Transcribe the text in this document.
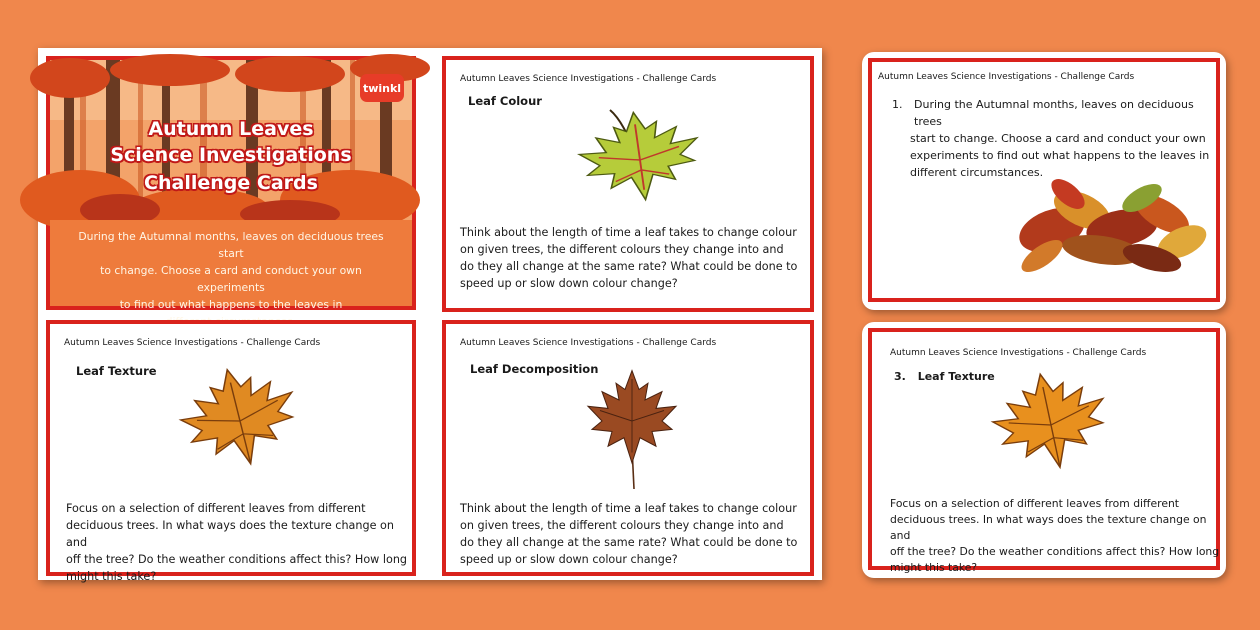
twinkl
Autumn Leaves
Science Investigations
Challenge Cards
During the Autumnal months, leaves on deciduous trees start
to change. Choose a card and conduct your own experiments
to find out what happens to the leaves in
Autumn Leaves Science Investigations - Challenge Cards
Leaf Colour
Think about the length of time a leaf takes to change colour
on given trees, the different colours they change into and
do they all change at the same rate? What could be done to
speed up or slow down colour change?
Autumn Leaves Science Investigations - Challenge Cards
Leaf Texture
Focus on a selection of different leaves from different
deciduous trees. In what ways does the texture change on and
off the tree? Do the weather conditions affect this? How long
might this take?
Autumn Leaves Science Investigations - Challenge Cards
Leaf Decomposition
Think about the length of time a leaf takes to change colour
on given trees, the different colours they change into and
do they all change at the same rate? What could be done to
speed up or slow down colour change?
Autumn Leaves Science Investigations - Challenge Cards
1. During the Autumnal months, leaves on deciduous trees
start to change. Choose a card and conduct your own
experiments to find out what happens to the leaves in
different circumstances.
Autumn Leaves Science Investigations - Challenge Cards
3. Leaf Texture
Focus on a selection of different leaves from different
deciduous trees. In what ways does the texture change on and
off the tree? Do the weather conditions affect this? How long
might this take?
